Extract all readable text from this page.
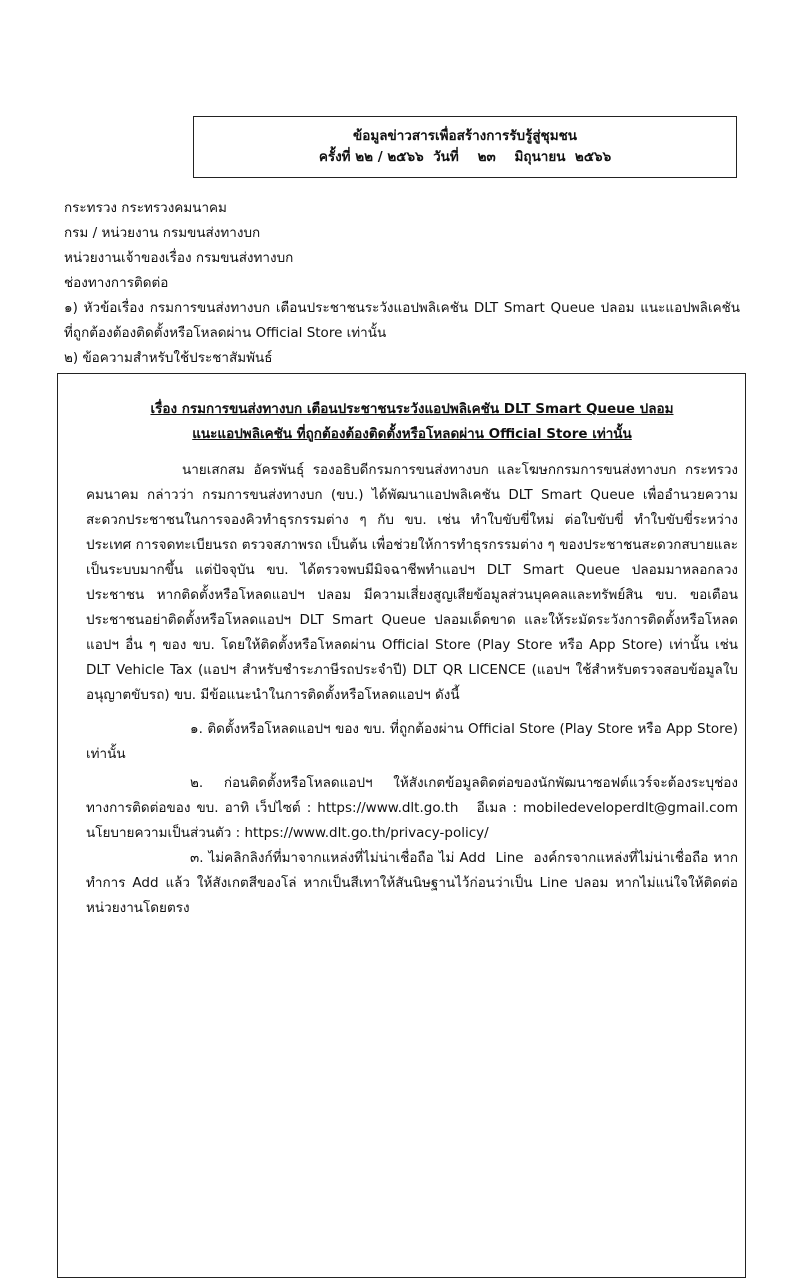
ข้อมูลข่าวสารเพื่อสร้างการรับรู้สู่ชุมชน
ครั้งที่ ๒๒ / ๒๕๖๖  วันที่    ๒๓    มิถุนายน  ๒๕๖๖
กระทรวง กระทรวงคมนาคม
กรม / หน่วยงาน กรมขนส่งทางบก
หน่วยงานเจ้าของเรื่อง กรมขนส่งทางบก
ช่องทางการติดต่อ
๑) หัวข้อเรื่อง กรมการขนส่งทางบก เตือนประชาชนระวังแอปพลิเคชัน DLT Smart Queue ปลอม แนะแอปพลิเคชัน ที่ถูกต้องต้องติดตั้งหรือโหลดผ่าน Official Store เท่านั้น
๒) ข้อความสำหรับใช้ประชาสัมพันธ์
เรื่อง กรมการขนส่งทางบก เตือนประชาชนระวังแอปพลิเคชัน DLT Smart Queue ปลอม
แนะแอปพลิเคชัน ที่ถูกต้องต้องติดตั้งหรือโหลดผ่าน Official Store เท่านั้น

นายเสกสม อัครพันธุ์ รองอธิบดีกรมการขนส่งทางบก และโฆษกกรมการขนส่งทางบก กระทรวงคมนาคม กล่าวว่า กรมการขนส่งทางบก (ขบ.) ได้พัฒนาแอปพลิเคชัน DLT Smart Queue เพื่ออำนวยความสะดวกประชาชนในการจองคิวทำธุรกรรมต่าง ๆ กับ ขบ. เช่น ทำใบขับขี่ใหม่ ต่อใบขับขี่ ทำใบขับขี่ระหว่างประเทศ การจดทะเบียนรถ ตรวจสภาพรถ เป็นต้น เพื่อช่วยให้การทำธุรกรรมต่าง ๆ ของประชาชนสะดวกสบายและเป็นระบบมากขึ้น แต่ปัจจุบัน ขบ. ได้ตรวจพบมีมิจฉาชีพทำแอปฯ DLT Smart Queue ปลอมมาหลอกลวงประชาชน หากติดตั้งหรือโหลดแอปฯ ปลอม มีความเสี่ยงสูญเสียข้อมูลส่วนบุคคลและทรัพย์สิน ขบ. ขอเตือนประชาชนอย่าติดตั้งหรือโหลดแอปฯ DLT Smart Queue ปลอมเด็ดขาด และให้ระมัดระวังการติดตั้งหรือโหลดแอปฯ อื่น ๆ ของ ขบ. โดยให้ติดตั้งหรือโหลดผ่าน Official Store (Play Store หรือ App Store) เท่านั้น เช่น DLT Vehicle Tax (แอปฯ สำหรับชำระภาษีรถประจำปี) DLT QR LICENCE (แอปฯ ใช้สำหรับตรวจสอบข้อมูลใบอนุญาตขับรถ) ขบ. มีข้อแนะนำในการติดตั้งหรือโหลดแอปฯ ดังนี้

๑. ติดตั้งหรือโหลดแอปฯ ของ ขบ. ที่ถูกต้องผ่าน Official Store (Play Store หรือ App Store) เท่านั้น

๒. ก่อนติดตั้งหรือโหลดแอปฯ ให้สังเกตข้อมูลติดต่อของนักพัฒนาซอฟต์แวร์จะต้องระบุช่องทางการติดต่อของ ขบ. อาทิ เว็ปไซต์ : https://www.dlt.go.th   อีเมล : mobiledeveloperdlt@gmail.com นโยบายความเป็นส่วนตัว : https://www.dlt.go.th/privacy-policy/

๓. ไม่คลิกลิงก์ที่มาจากแหล่งที่ไม่น่าเชื่อถือ ไม่ Add  Line  องค์กรจากแหล่งที่ไม่น่าเชื่อถือ หากทำการ Add แล้ว ให้สังเกตสีของโล่ หากเป็นสีเทาให้สันนิษฐานไว้ก่อนว่าเป็น Line ปลอม หากไม่แน่ใจให้ติดต่อหน่วยงานโดยตรง
